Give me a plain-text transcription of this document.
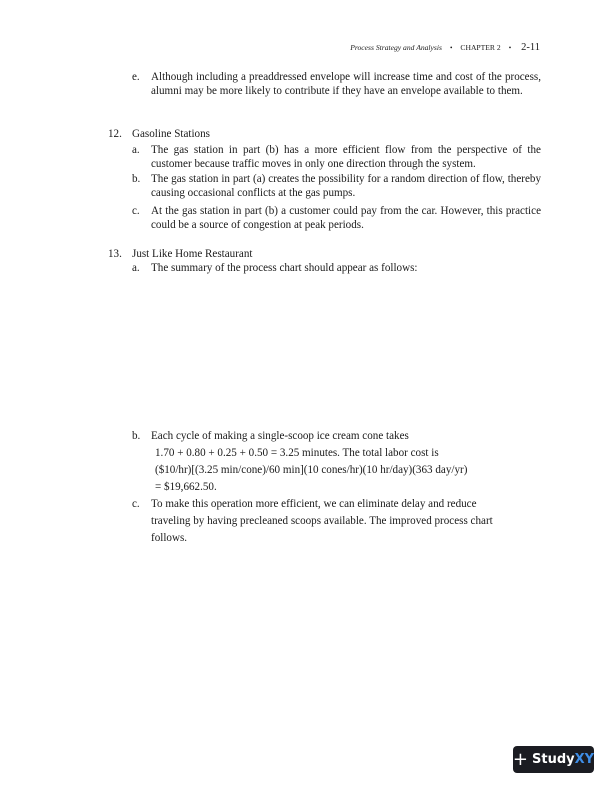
Process Strategy and Analysis • CHAPTER 2 • 2-11
e. Although including a preaddressed envelope will increase time and cost of the process, alumni may be more likely to contribute if they have an envelope available to them.
12. Gasoline Stations
a. The gas station in part (b) has a more efficient flow from the perspective of the customer because traffic moves in only one direction through the system.
b. The gas station in part (a) creates the possibility for a random direction of flow, thereby causing occasional conflicts at the gas pumps.
c. At the gas station in part (b) a customer could pay from the car. However, this practice could be a source of congestion at peak periods.
13. Just Like Home Restaurant
a. The summary of the process chart should appear as follows:
b. Each cycle of making a single-scoop ice cream cone takes
1.70 + 0.80 + 0.25 + 0.50 = 3.25 minutes. The total labor cost is
($10/hr)[(3.25 min/cone)/60 min](10 cones/hr)(10 hr/day)(363 day/yr)
= $19,662.50.
c. To make this operation more efficient, we can eliminate delay and reduce
traveling by having precleaned scoops available. The improved process chart
follows.
+ Study XY
